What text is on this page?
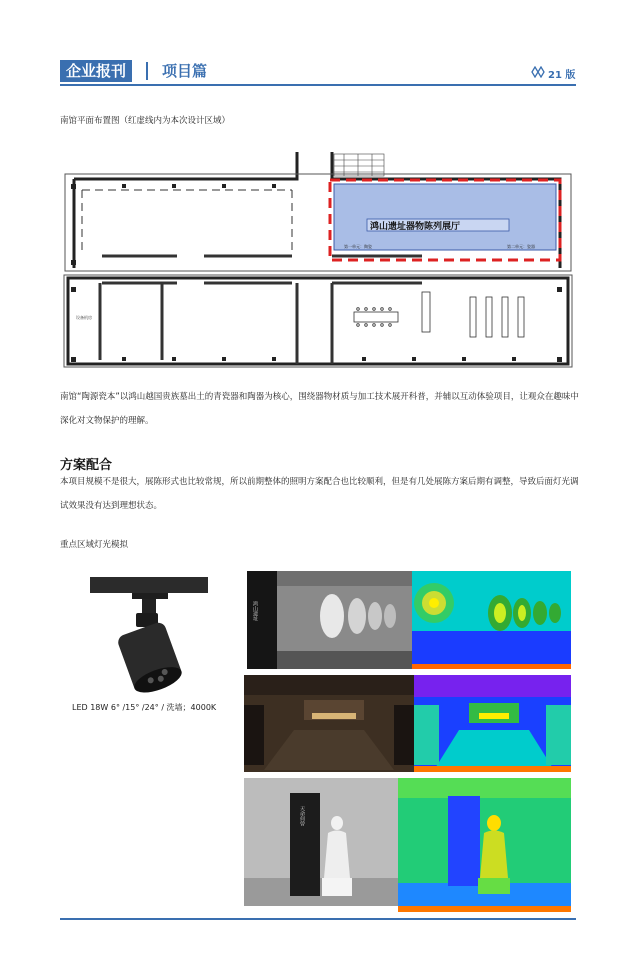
企业报刊	项目篇	21 版
南馆平面布置图（红虚线内为本次设计区域）
鸿山遗址器物陈列展厅
第一单元：陶瓷	第二单元：瓷器
设备机房
南馆“陶源瓷本”以鸿山越国贵族墓出土的青瓷器和陶器为核心，围绕器物材质与加工技术展开科普，并辅以互动体验项目，让观众在趣味中深化对文物保护的理解。
方案配合
本项目规模不是很大，展陈形式也比较常规，所以前期整体的照明方案配合也比较顺利，但是有几处展陈方案后期有调整，导致后面灯光调试效果没有达到理想状态。
重点区域灯光模拟
LED 18W 6° /15° /24° / 洗墙；4000K
鸿山遗址
天命何曾
